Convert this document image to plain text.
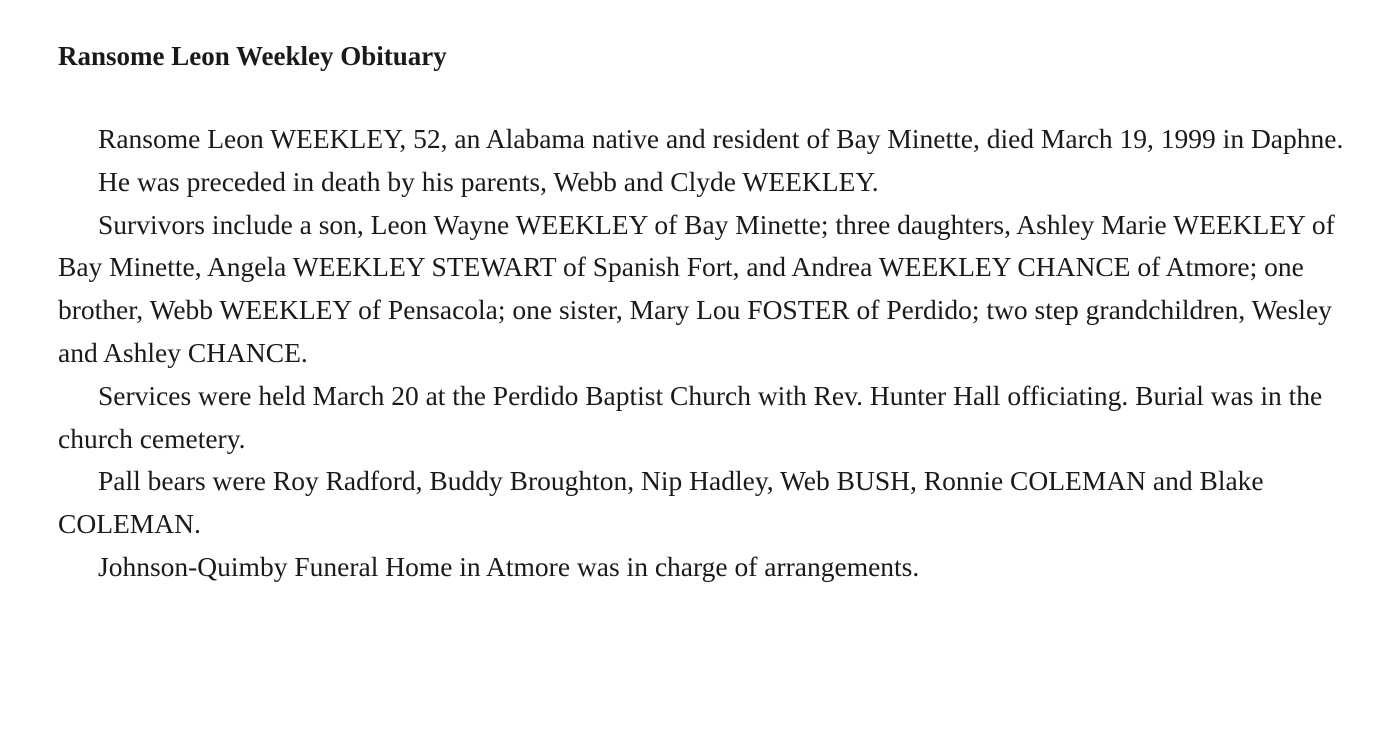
Ransome Leon Weekley Obituary

Ransome Leon WEEKLEY, 52, an Alabama native and resident of Bay Minette, died March 19, 1999 in Daphne.

He was preceded in death by his parents, Webb and Clyde WEEKLEY.

Survivors include a son, Leon Wayne WEEKLEY of Bay Minette; three daughters, Ashley Marie WEEKLEY of Bay Minette, Angela WEEKLEY STEWART of Spanish Fort, and Andrea WEEKLEY CHANCE of Atmore; one brother, Webb WEEKLEY of Pensacola; one sister, Mary Lou FOSTER of Perdido; two step grandchildren, Wesley and Ashley CHANCE.

Services were held March 20 at the Perdido Baptist Church with Rev. Hunter Hall officiating. Burial was in the church cemetery.

Pall bears were Roy Radford, Buddy Broughton, Nip Hadley, Web BUSH, Ronnie COLEMAN and Blake COLEMAN.

Johnson-Quimby Funeral Home in Atmore was in charge of arrangements.
